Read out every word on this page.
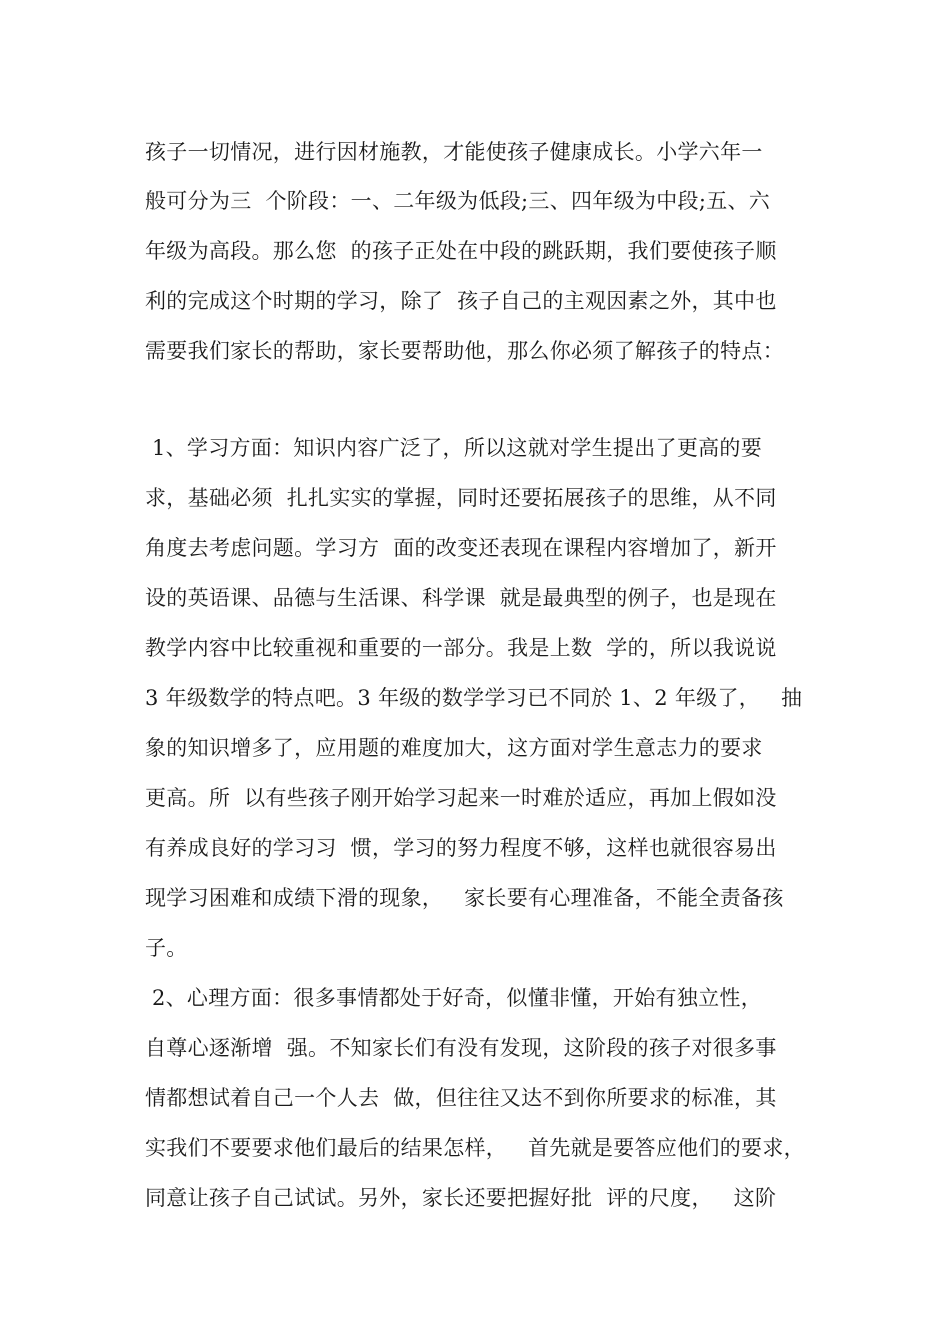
孩子一切情况，进行因材施教，才能使孩子健康成长。小学六年一
般可分为三  个阶段：一、二年级为低段;三、四年级为中段;五、六
年级为高段。那么您  的孩子正处在中段的跳跃期，我们要使孩子顺
利的完成这个时期的学习，除了  孩子自己的主观因素之外，其中也
需要我们家长的帮助，家长要帮助他，那么你必须了解孩子的特点：
1、学习方面：知识内容广泛了，所以这就对学生提出了更高的要
求，基础必须  扎扎实实的掌握，同时还要拓展孩子的思维，从不同
角度去考虑问题。学习方  面的改变还表现在课程内容增加了，新开
设的英语课、品德与生活课、科学课  就是最典型的例子，也是现在
教学内容中比较重视和重要的一部分。我是上数  学的，所以我说说
3 年级数学的特点吧。3 年级的数学学习已不同於 1、2 年级了，   抽
象的知识增多了，应用题的难度加大，这方面对学生意志力的要求
更高。所  以有些孩子刚开始学习起来一时难於适应，再加上假如没
有养成良好的学习习  惯，学习的努力程度不够，这样也就很容易出
现学习困难和成绩下滑的现象，   家长要有心理准备，不能全责备孩
子。
2、心理方面：很多事情都处于好奇，似懂非懂，开始有独立性，
自尊心逐渐增  强。不知家长们有没有发现，这阶段的孩子对很多事
情都想试着自己一个人去  做，但往往又达不到你所要求的标准，其
实我们不要要求他们最后的结果怎样，   首先就是要答应他们的要求，
同意让孩子自己试试。另外，家长还要把握好批  评的尺度，   这阶
